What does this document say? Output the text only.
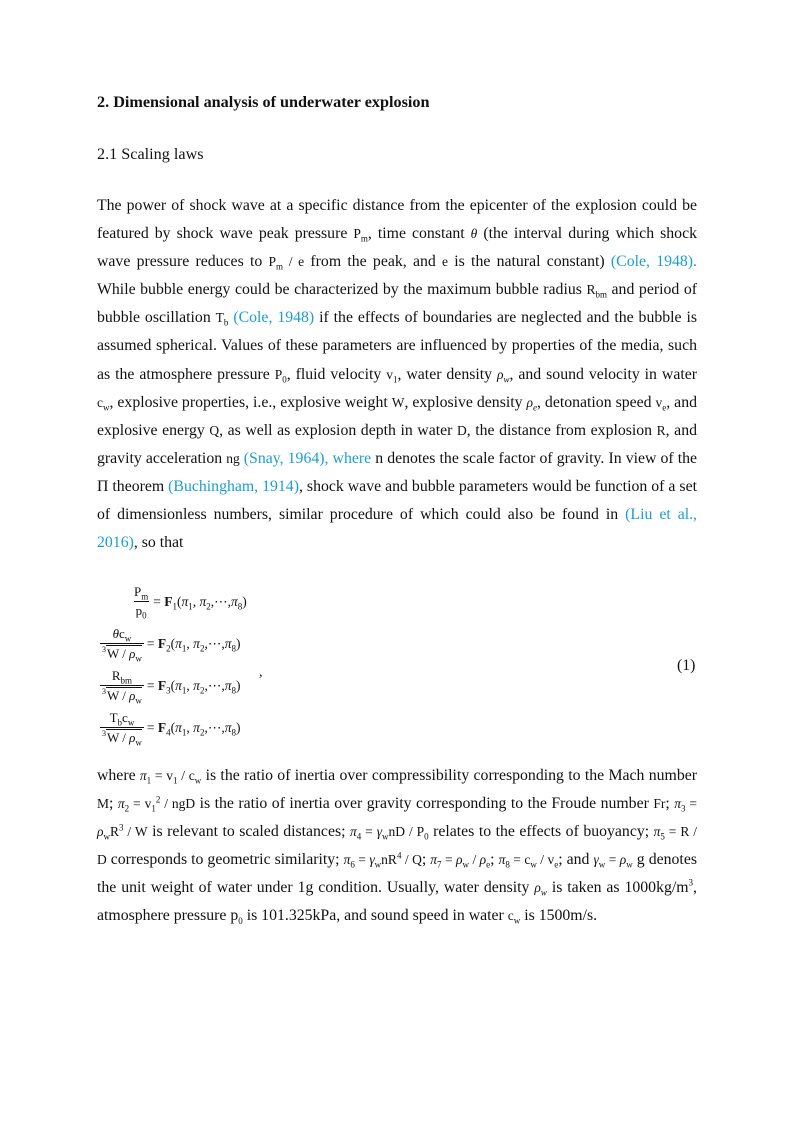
2. Dimensional analysis of underwater explosion
2.1 Scaling laws
The power of shock wave at a specific distance from the epicenter of the explosion could be featured by shock wave peak pressure $P_m$, time constant θ (the interval during which shock wave pressure reduces to $P_m$ / e from the peak, and e is the natural constant) (Cole, 1948). While bubble energy could be characterized by the maximum bubble radius $R_{bm}$ and period of bubble oscillation $T_b$ (Cole, 1948) if the effects of boundaries are neglected and the bubble is assumed spherical. Values of these parameters are influenced by properties of the media, such as the atmosphere pressure $P_0$, fluid velocity $v_1$, water density $\rho_w$, and sound velocity in water $c_w$, explosive properties, i.e., explosive weight W, explosive density $\rho_e$, detonation speed $v_e$, and explosive energy Q, as well as explosion depth in water D, the distance from explosion R, and gravity acceleration ng (Snay, 1964), where n denotes the scale factor of gravity. In view of the Π theorem (Buchingham, 1914), shock wave and bubble parameters would be function of a set of dimensionless numbers, similar procedure of which could also be found in (Liu et al., 2016), so that
$\frac{P_m}{p_0} = F_1(\pi_1$, $\pi_2,\cdots,\pi_8$)
$\frac{\theta c_w}{^3W / \rho_w} = F_2(\pi_1$, $\pi_2,\cdots,\pi_8$)
$\frac{R_{bm}}{^3W / \rho_w} = F_3(\pi_1$, $\pi_2,\cdots,\pi_8$)
$\frac{T_bc_w}{^3W / \rho_w} = F_4(\pi_1$, $\pi_2,\cdots,\pi_8$)
,	(1)
where $\pi_1 = v_1 / c_w$ is the ratio of inertia over compressibility corresponding to the Mach number M; $\pi_2 = v_1^2$ / ngD is the ratio of inertia over gravity corresponding to the Froude number Fr; $\pi_3 = \rho_wR^3 / W$ is relevant to scaled distances; $\pi_4 = \gamma_wnD / P_0$ relates to the effects of buoyancy; $\pi_5 = R / D$ corresponds to geometric similarity; $\pi_6 = \gamma_wnR^4 / Q$; $\pi_7 = \rho_w / \rho_e$; $\pi_8 = c_w / v_e$; and $\gamma_w = \rho_w$ g denotes the unit weight of water under 1g condition. Usually, water density $\rho_w$ is taken as $1000kg/m^3$, atmosphere pressure $p_0$ is 101.325kPa, and sound speed in water $c_w$ is 1500m/s.
